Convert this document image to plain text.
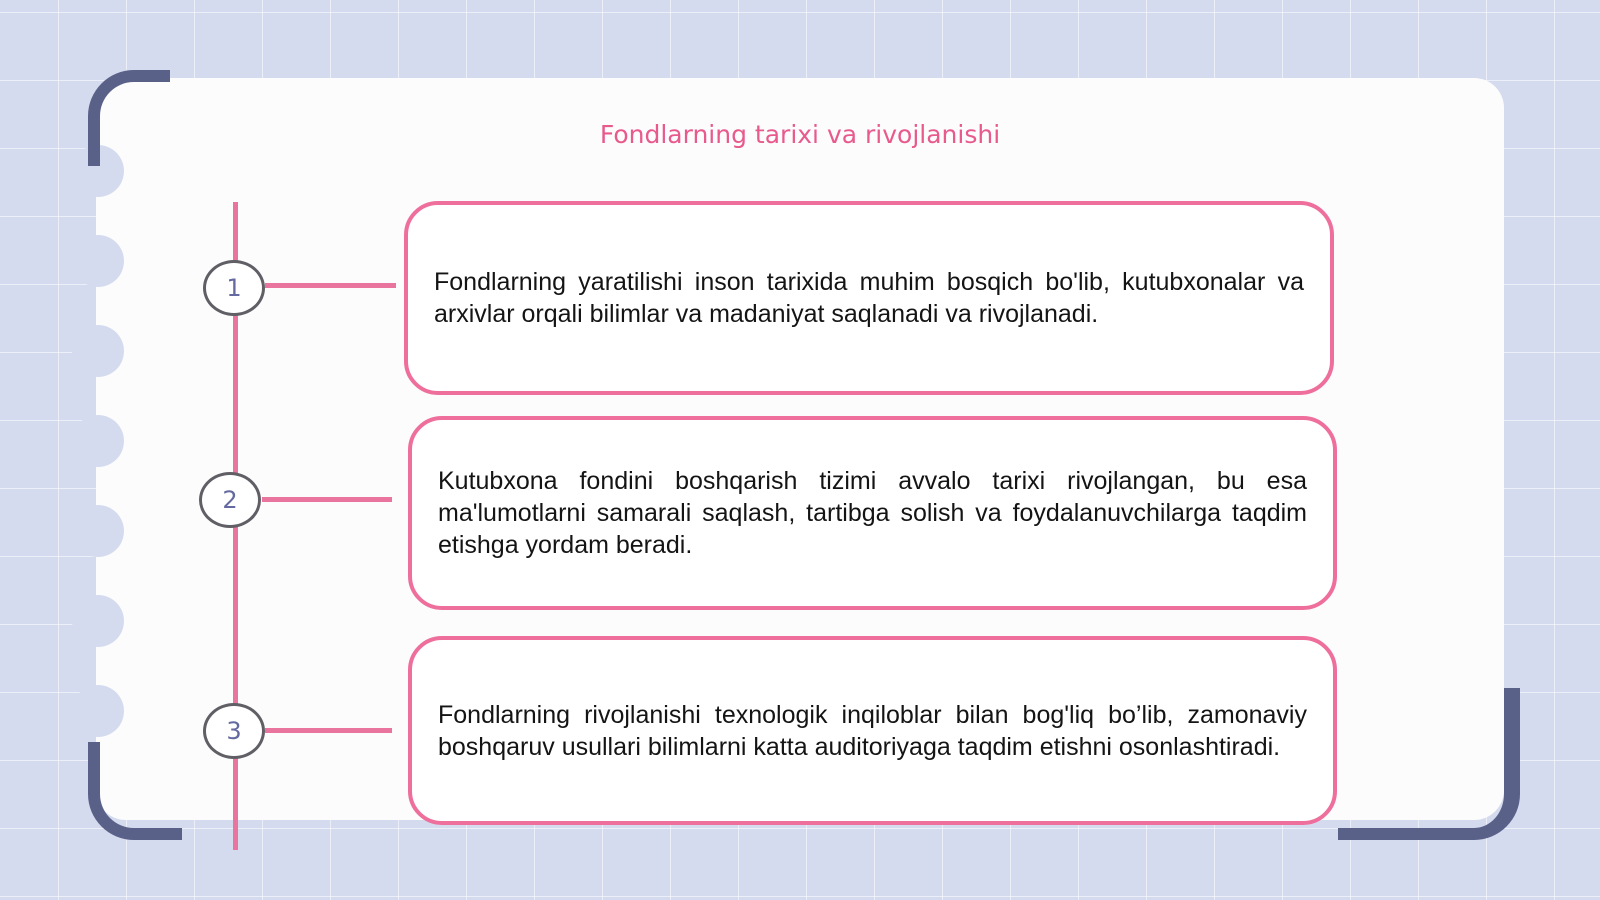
Fondlarning tarixi va rivojlanishi
1
2
3

Fondlarning yaratilishi inson tarixida muhim bosqich bo'lib, kutubxonalar va arxivlar orqali bilimlar va madaniyat saqlanadi va rivojlanadi.

Kutubxona fondini boshqarish tizimi avvalo tarixi rivojlangan, bu esa ma'lumotlarni samarali saqlash, tartibga solish va foydalanuvchilarga taqdim etishga yordam beradi.

Fondlarning rivojlanishi texnologik inqiloblar bilan bog'liq bo’lib, zamonaviy boshqaruv usullari bilimlarni katta auditoriyaga taqdim etishni osonlashtiradi.
